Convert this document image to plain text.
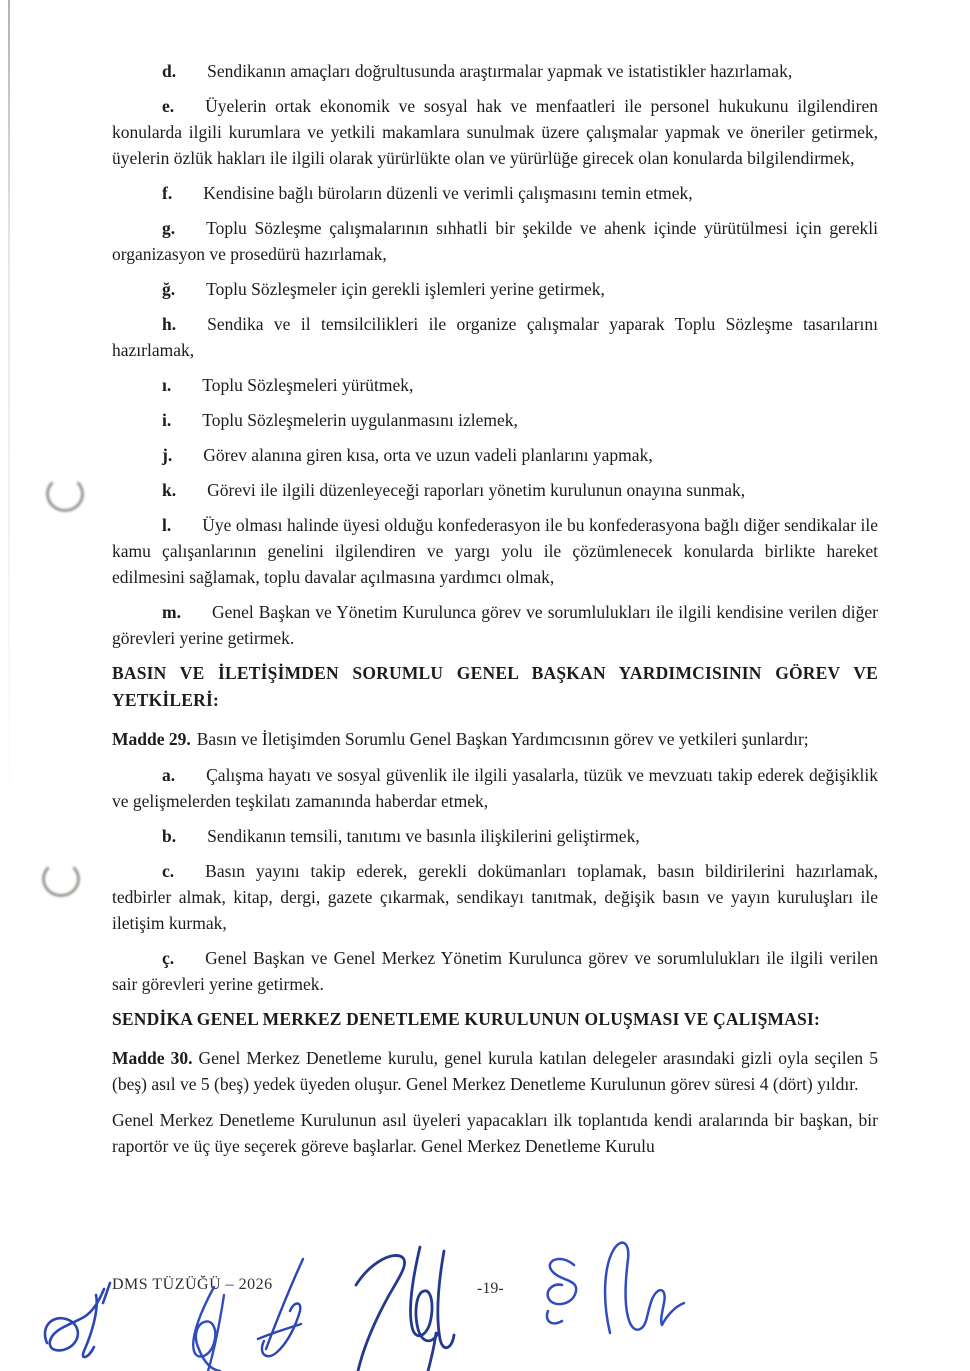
d. Sendikanın amaçları doğrultusunda araştırmalar yapmak ve istatistikler hazırlamak,

e. Üyelerin ortak ekonomik ve sosyal hak ve menfaatleri ile personel hukukunu ilgilendiren konularda ilgili kurumlara ve yetkili makamlara sunulmak üzere çalışmalar yapmak ve öneriler getirmek, üyelerin özlük hakları ile ilgili olarak yürürlükte olan ve yürürlüğe girecek olan konularda bilgilendirmek,

f. Kendisine bağlı büroların düzenli ve verimli çalışmasını temin etmek,

g. Toplu Sözleşme çalışmalarının sıhhatli bir şekilde ve ahenk içinde yürütülmesi için gerekli organizasyon ve prosedürü hazırlamak,

ğ. Toplu Sözleşmeler için gerekli işlemleri yerine getirmek,

h. Sendika ve il temsilcilikleri ile organize çalışmalar yaparak Toplu Sözleşme tasarılarını hazırlamak,

ı. Toplu Sözleşmeleri yürütmek,

i. Toplu Sözleşmelerin uygulanmasını izlemek,

j. Görev alanına giren kısa, orta ve uzun vadeli planlarını yapmak,

k. Görevi ile ilgili düzenleyeceği raporları yönetim kurulunun onayına sunmak,

l. Üye olması halinde üyesi olduğu konfederasyon ile bu konfederasyona bağlı diğer sendikalar ile kamu çalışanlarının genelini ilgilendiren ve yargı yolu ile çözümlenecek konularda birlikte hareket edilmesini sağlamak, toplu davalar açılmasına yardımcı olmak,

m. Genel Başkan ve Yönetim Kurulunca görev ve sorumlulukları ile ilgili kendisine verilen diğer görevleri yerine getirmek.

BASIN VE İLETİŞİMDEN SORUMLU GENEL BAŞKAN YARDIMCISININ GÖREV VE YETKİLERİ:

Madde 29. Basın ve İletişimden Sorumlu Genel Başkan Yardımcısının görev ve yetkileri şunlardır;

a. Çalışma hayatı ve sosyal güvenlik ile ilgili yasalarla, tüzük ve mevzuatı takip ederek değişiklik ve gelişmelerden teşkilatı zamanında haberdar etmek,

b. Sendikanın temsili, tanıtımı ve basınla ilişkilerini geliştirmek,

c. Basın yayını takip ederek, gerekli dokümanları toplamak, basın bildirilerini hazırlamak, tedbirler almak, kitap, dergi, gazete çıkarmak, sendikayı tanıtmak, değişik basın ve yayın kuruluşları ile iletişim kurmak,

ç. Genel Başkan ve Genel Merkez Yönetim Kurulunca görev ve sorumlulukları ile ilgili verilen sair görevleri yerine getirmek.

SENDİKA GENEL MERKEZ DENETLEME KURULUNUN OLUŞMASI VE ÇALIŞMASI:

Madde 30. Genel Merkez Denetleme kurulu, genel kurula katılan delegeler arasındaki gizli oyla seçilen 5 (beş) asıl ve 5 (beş) yedek üyeden oluşur. Genel Merkez Denetleme Kurulunun görev süresi 4 (dört) yıldır.

Genel Merkez Denetleme Kurulunun asıl üyeleri yapacakları ilk toplantıda kendi aralarında bir başkan, bir raportör ve üç üye seçerek göreve başlarlar. Genel Merkez Denetleme Kurulu

DMS TÜZÜĞÜ – 2026	-19-
